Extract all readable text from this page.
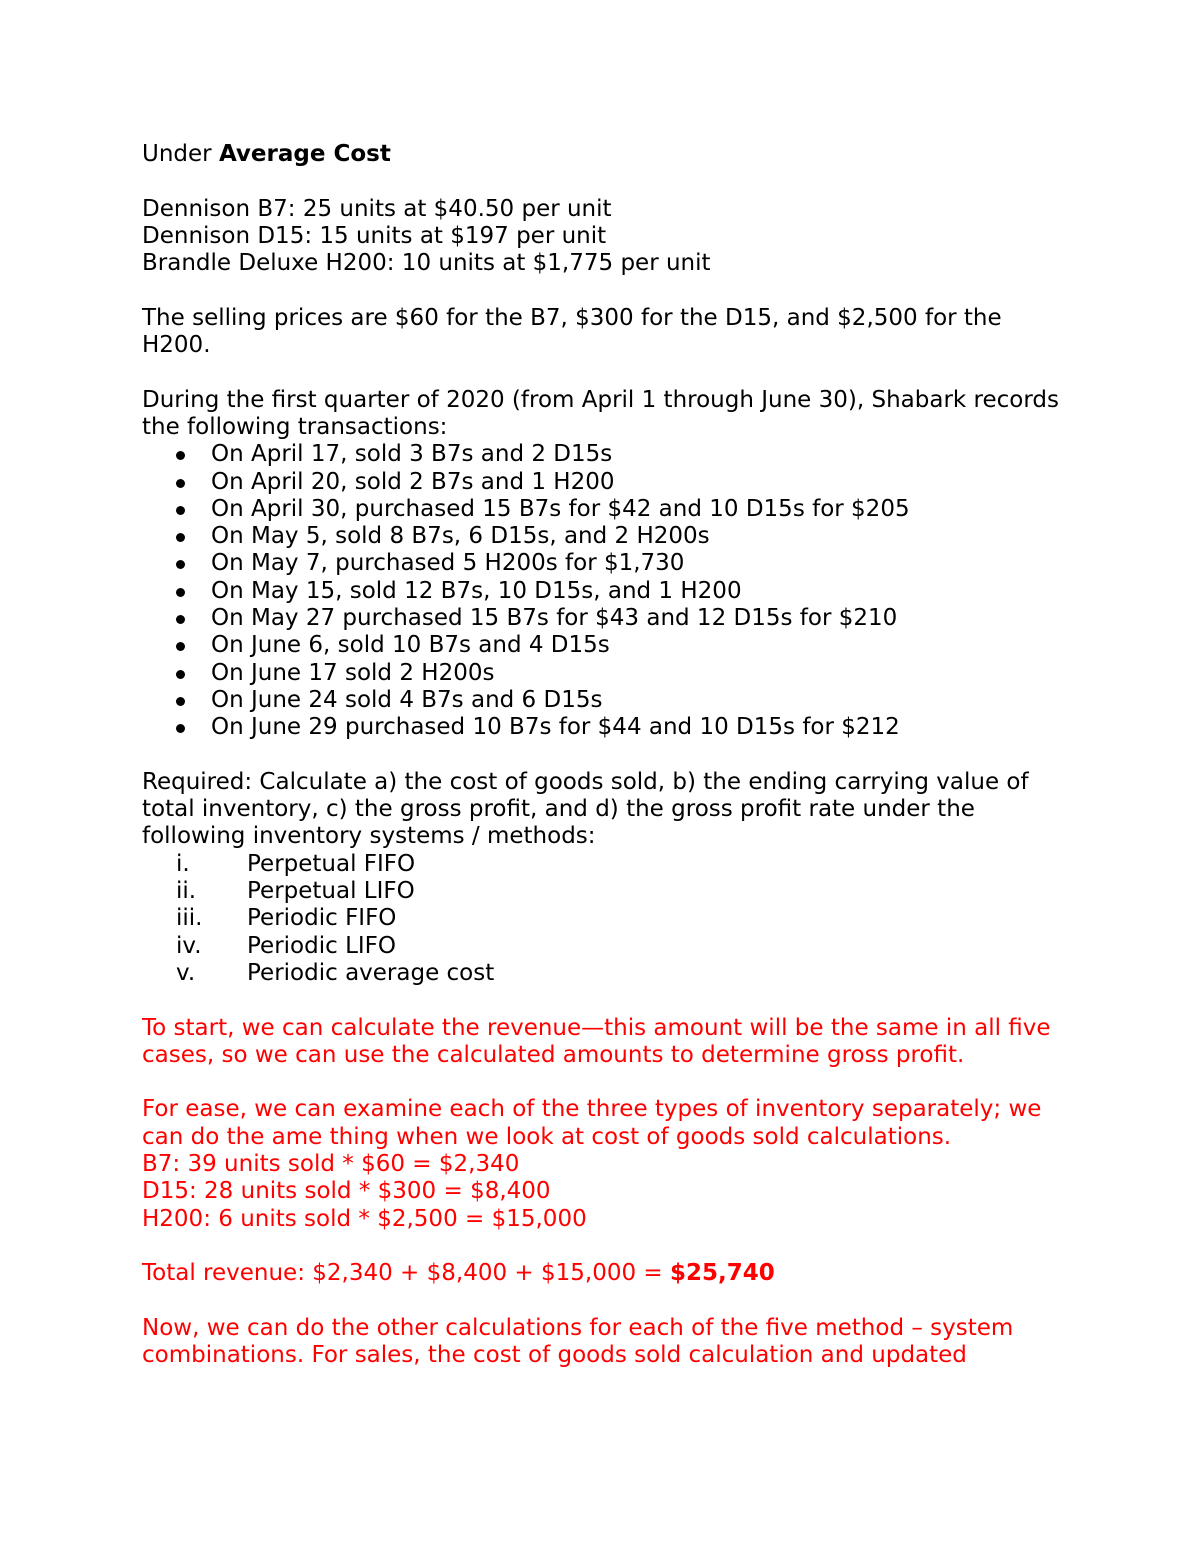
Under Average Cost

Dennison B7: 25 units at $40.50 per unit

Dennison D15: 15 units at $197 per unit

Brandle Deluxe H200: 10 units at $1,775 per unit

The selling prices are $60 for the B7, $300 for the D15, and $2,500 for the H200.

During the first quarter of 2020 (from April 1 through June 30), Shabark records the following transactions:

On April 17, sold 3 B7s and 2 D15s
On April 20, sold 2 B7s and 1 H200
On April 30, purchased 15 B7s for $42 and 10 D15s for $205
On May 5, sold 8 B7s, 6 D15s, and 2 H200s
On May 7, purchased 5 H200s for $1,730
On May 15, sold 12 B7s, 10 D15s, and 1 H200
On May 27 purchased 15 B7s for $43 and 12 D15s for $210
On June 6, sold 10 B7s and 4 D15s
On June 17 sold 2 H200s
On June 24 sold 4 B7s and 6 D15s
On June 29 purchased 10 B7s for $44 and 10 D15s for $212

Required: Calculate a) the cost of goods sold, b) the ending carrying value of total inventory, c) the gross profit, and d) the gross profit rate under the following inventory systems / methods:

i. Perpetual FIFO
ii. Perpetual LIFO
iii. Periodic FIFO
iv. Periodic LIFO
v. Periodic average cost

To start, we can calculate the revenue—this amount will be the same in all five cases, so we can use the calculated amounts to determine gross profit.

For ease, we can examine each of the three types of inventory separately; we can do the ame thing when we look at cost of goods sold calculations.

B7: 39 units sold * $60 = $2,340

D15: 28 units sold * $300 = $8,400

H200: 6 units sold * $2,500 = $15,000

Total revenue: $2,340 + $8,400 + $15,000 = $25,740

Now, we can do the other calculations for each of the five method – system combinations. For sales, the cost of goods sold calculation and updated
